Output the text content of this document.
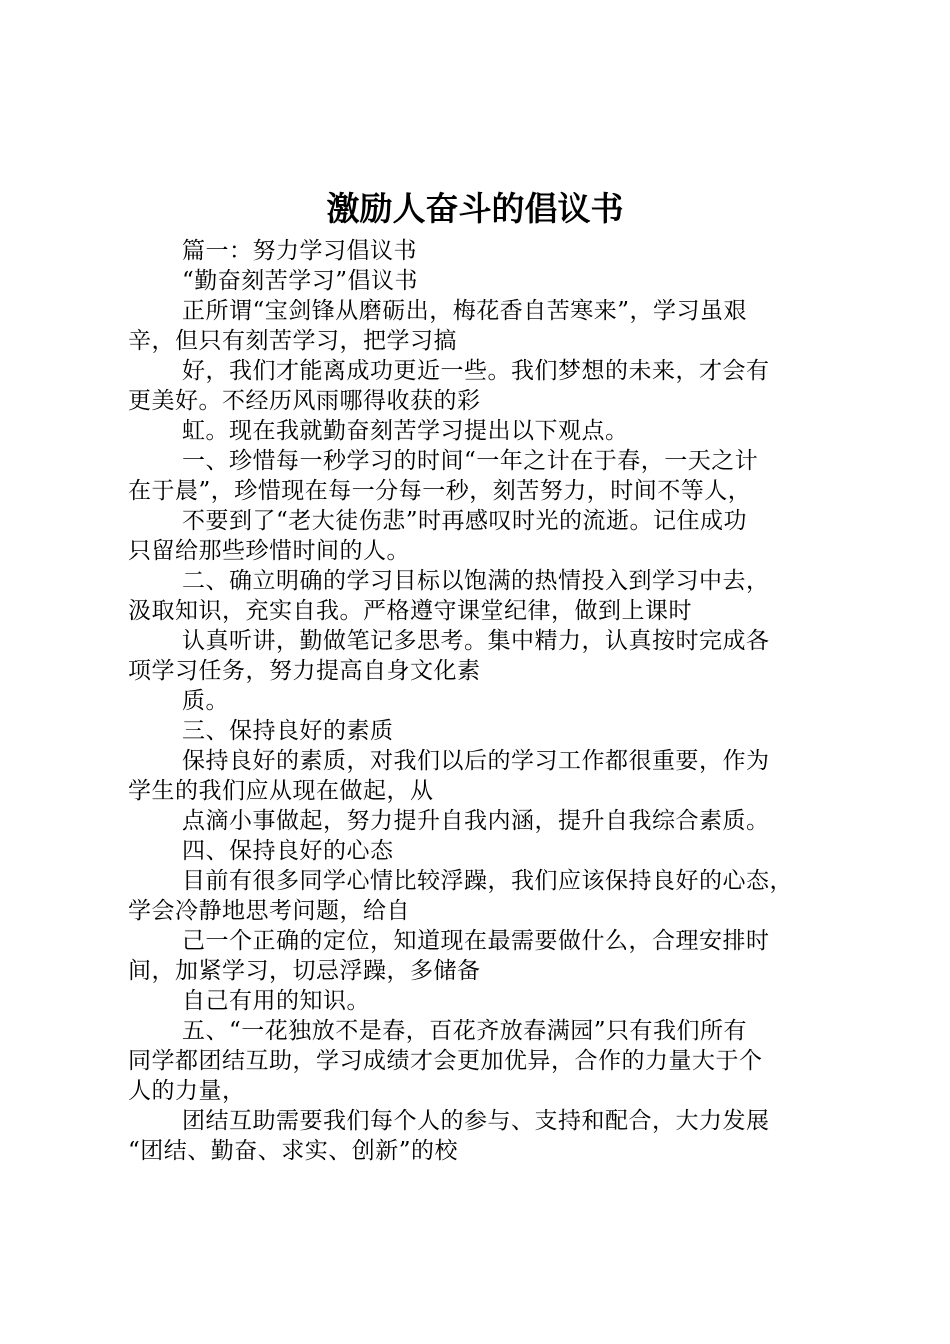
激励人奋斗的倡议书
篇一：努力学习倡议书
“勤奋刻苦学习”倡议书
正所谓“宝剑锋从磨砺出，梅花香自苦寒来”，学习虽艰
辛，但只有刻苦学习，把学习搞
好，我们才能离成功更近一些。我们梦想的未来，才会有
更美好。不经历风雨哪得收获的彩
虹。现在我就勤奋刻苦学习提出以下观点。
一、珍惜每一秒学习的时间“一年之计在于春，一天之计
在于晨”，珍惜现在每一分每一秒，刻苦努力，时间不等人，
不要到了“老大徒伤悲”时再感叹时光的流逝。记住成功
只留给那些珍惜时间的人。
二、确立明确的学习目标以饱满的热情投入到学习中去，
汲取知识，充实自我。严格遵守课堂纪律，做到上课时
认真听讲，勤做笔记多思考。集中精力，认真按时完成各
项学习任务，努力提高自身文化素
质。
三、保持良好的素质
保持良好的素质，对我们以后的学习工作都很重要，作为
学生的我们应从现在做起，从
点滴小事做起，努力提升自我内涵，提升自我综合素质。
四、保持良好的心态
目前有很多同学心情比较浮躁，我们应该保持良好的心态，
学会冷静地思考问题，给自
己一个正确的定位，知道现在最需要做什么，合理安排时
间，加紧学习，切忌浮躁，多储备
自己有用的知识。
五、“一花独放不是春，百花齐放春满园”只有我们所有
同学都团结互助，学习成绩才会更加优异，合作的力量大于个
人的力量，
团结互助需要我们每个人的参与、支持和配合，大力发展
“团结、勤奋、求实、创新”的校
